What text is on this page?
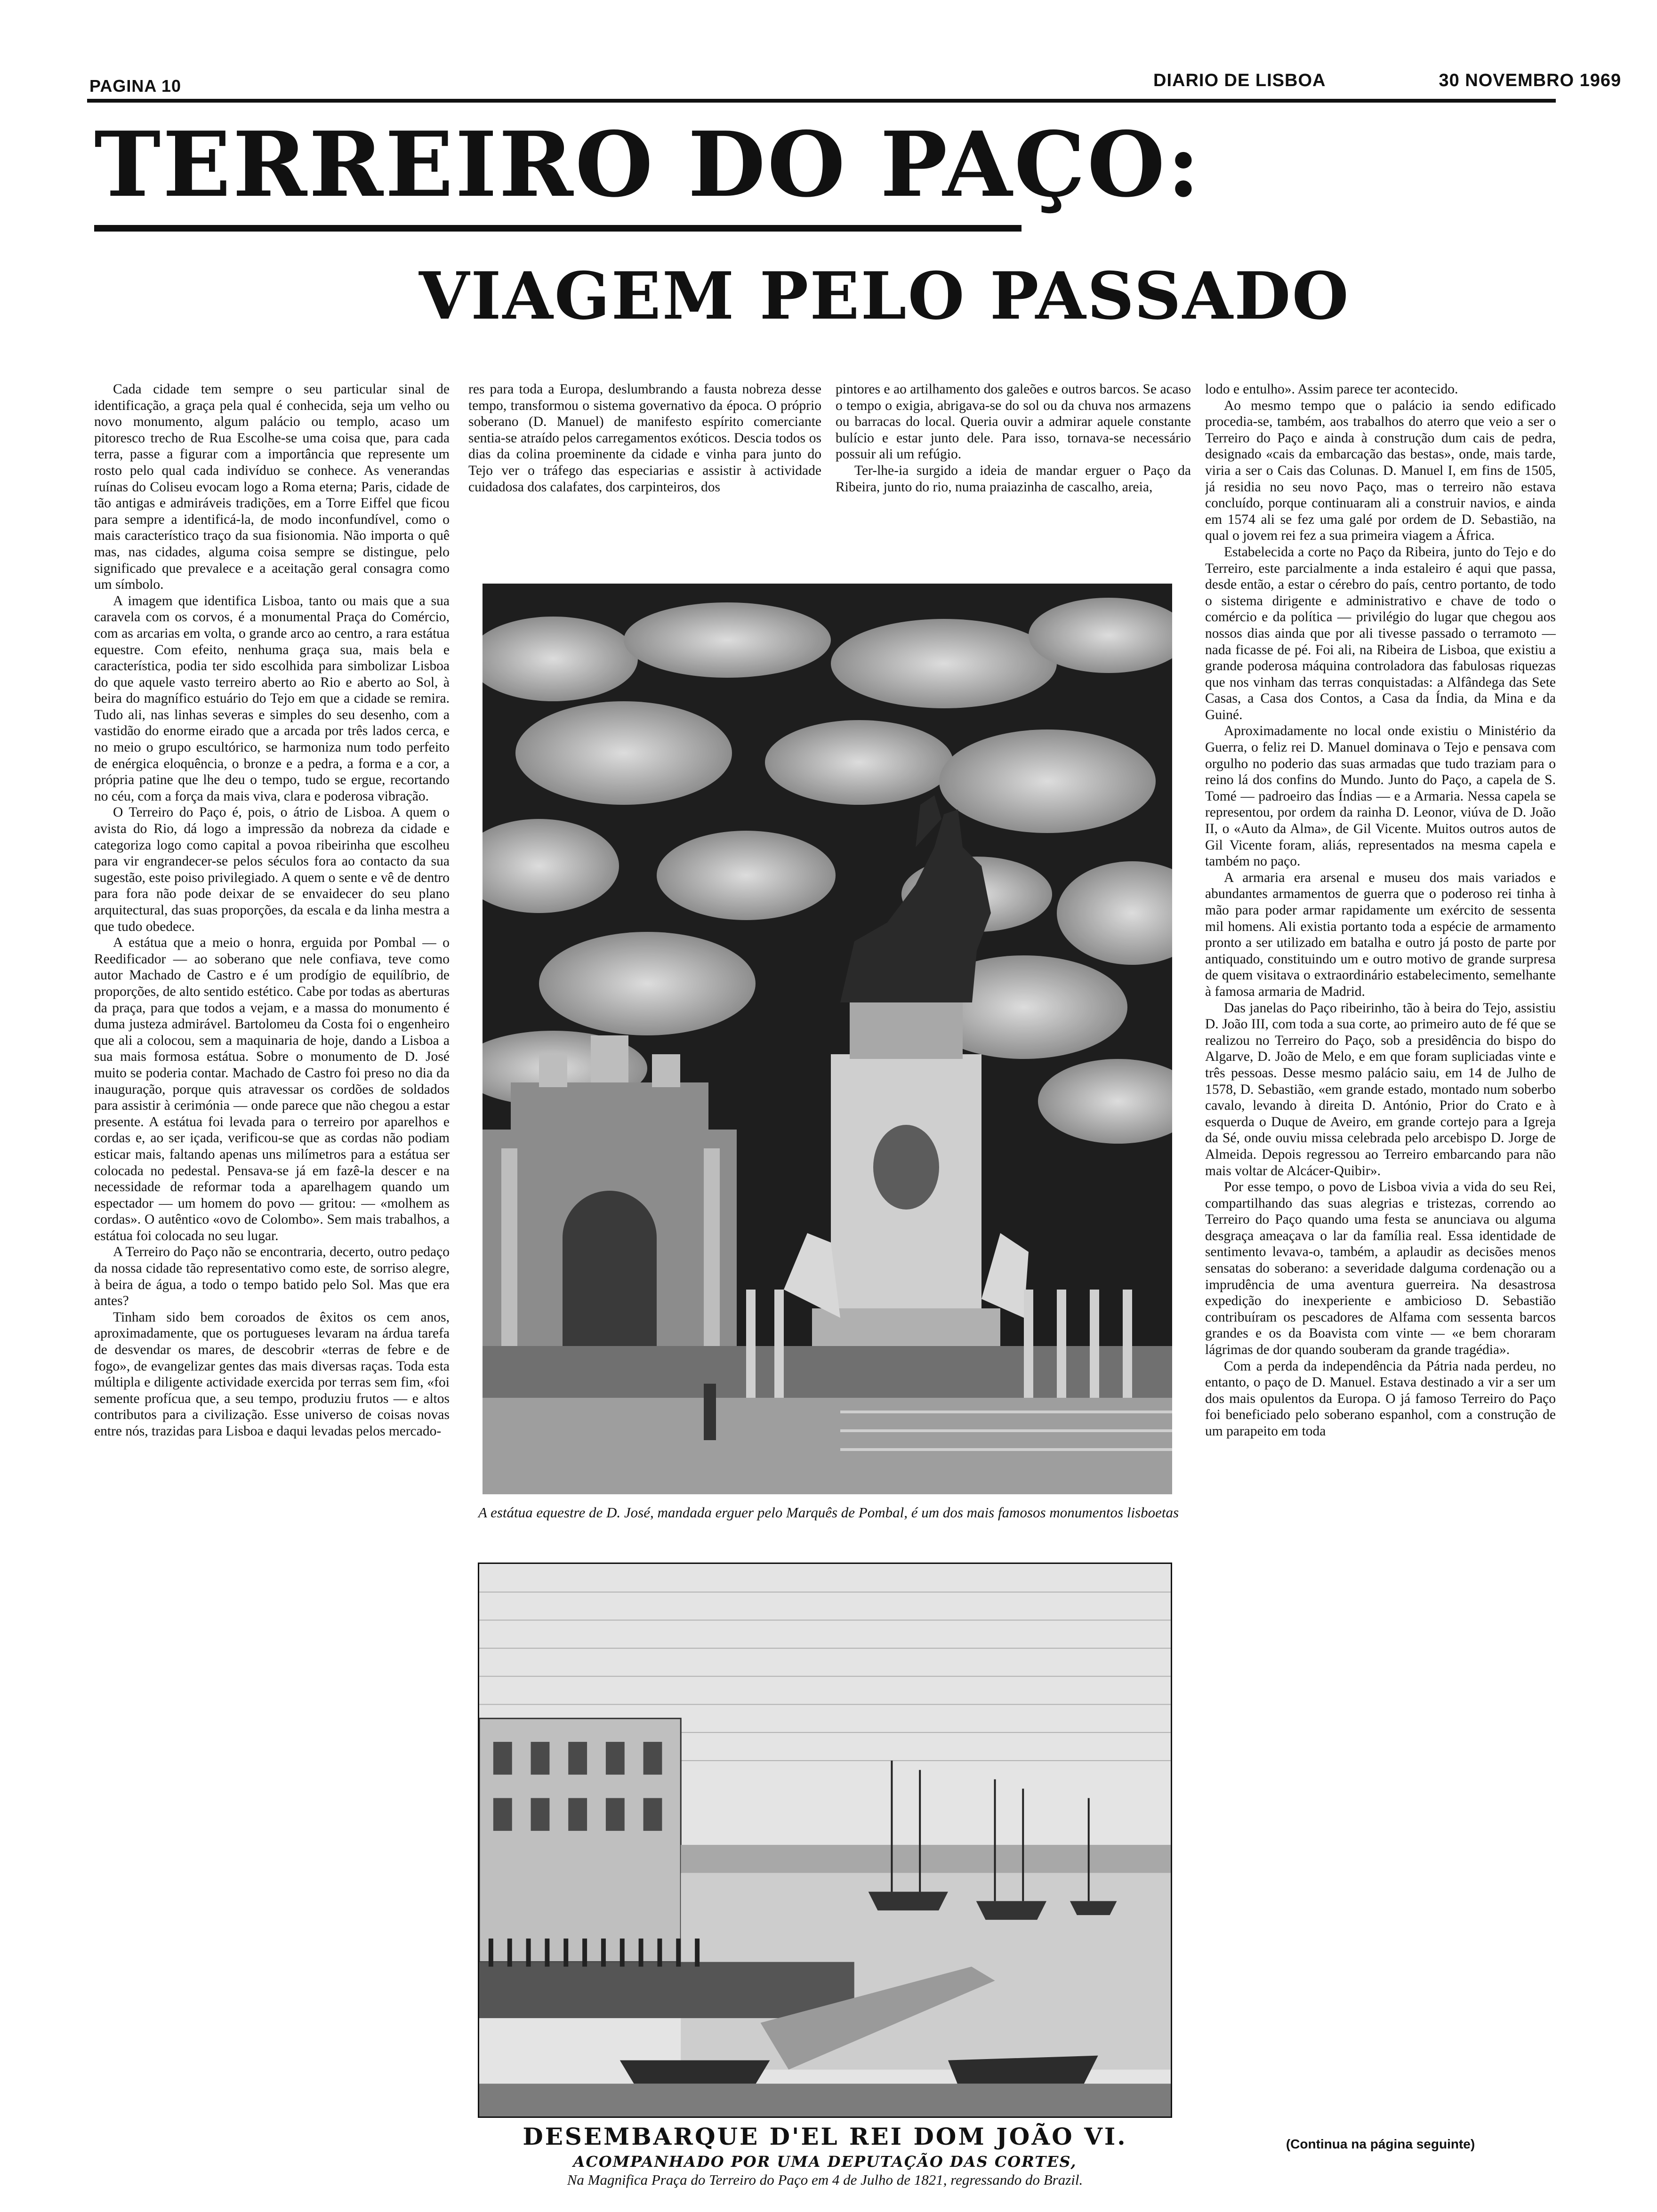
PAGINA 10	DIARIO DE LISBOA	30 NOVEMBRO 1969
TERREIRO DO PAÇO:
VIAGEM PELO PASSADO

Cada cidade tem sempre o seu particular sinal de identificação, a graça pela qual é conhecida, seja um velho ou novo monumento, algum palácio ou templo, acaso um pitoresco trecho de Rua Escolhe-se uma coisa que, para cada terra, passe a figurar com a importância que represente um rosto pelo qual cada indivíduo se conhece. As venerandas ruínas do Coliseu evocam logo a Roma eterna; Paris, cidade de tão antigas e admiráveis tradições, em a Torre Eiffel que ficou para sempre a identificá-la, de modo inconfundível, como o mais característico traço da sua fisionomia. Não importa o quê mas, nas cidades, alguma coisa sempre se distingue, pelo significado que prevalece e a aceitação geral consagra como um símbolo.

A imagem que identifica Lisboa, tanto ou mais que a sua caravela com os corvos, é a monumental Praça do Comércio, com as arcarias em volta, o grande arco ao centro, a rara estátua equestre. Com efeito, nenhuma graça sua, mais bela e característica, podia ter sido escolhida para simbolizar Lisboa do que aquele vasto terreiro aberto ao Rio e aberto ao Sol, à beira do magnífico estuário do Tejo em que a cidade se remira. Tudo ali, nas linhas severas e simples do seu desenho, com a vastidão do enorme eirado que a arcada por três lados cerca, e no meio o grupo escultórico, se harmoniza num todo perfeito de enérgica eloquência, o bronze e a pedra, a forma e a cor, a própria patine que lhe deu o tempo, tudo se ergue, recortando no céu, com a força da mais viva, clara e poderosa vibração.

O Terreiro do Paço é, pois, o átrio de Lisboa. A quem o avista do Rio, dá logo a impressão da nobreza da cidade e categoriza logo como capital a povoa ribeirinha que escolheu para vir engrandecer-se pelos séculos fora ao contacto da sua sugestão, este poiso privilegiado. A quem o sente e vê de dentro para fora não pode deixar de se envaidecer do seu plano arquitectural, das suas proporções, da escala e da linha mestra a que tudo obedece.

A estátua que a meio o honra, erguida por Pombal — o Reedificador — ao soberano que nele confiava, teve como autor Machado de Castro e é um prodígio de equilíbrio, de proporções, de alto sentido estético. Cabe por todas as aberturas da praça, para que todos a vejam, e a massa do monumento é duma justeza admirável. Bartolomeu da Costa foi o engenheiro que ali a colocou, sem a maquinaria de hoje, dando a Lisboa a sua mais formosa estátua. Sobre o monumento de D. José muito se poderia contar. Machado de Castro foi preso no dia da inauguração, porque quis atravessar os cordões de soldados para assistir à cerimónia — onde parece que não chegou a estar presente. A estátua foi levada para o terreiro por aparelhos e cordas e, ao ser içada, verificou-se que as cordas não podiam esticar mais, faltando apenas uns milímetros para a estátua ser colocada no pedestal. Pensava-se já em fazê-la descer e na necessidade de reformar toda a aparelhagem quando um espectador — um homem do povo — gritou: — «molhem as cordas». O autêntico «ovo de Colombo». Sem mais trabalhos, a estátua foi colocada no seu lugar.

A Terreiro do Paço não se encontraria, decerto, outro pedaço da nossa cidade tão representativo como este, de sorriso alegre, à beira de água, a todo o tempo batido pelo Sol. Mas que era antes?

Tinham sido bem coroados de êxitos os cem anos, aproximadamente, que os portugueses levaram na árdua tarefa de desvendar os mares, de descobrir «terras de febre e de fogo», de evangelizar gentes das mais diversas raças. Toda esta múltipla e diligente actividade exercida por terras sem fim, «foi semente profícua que, a seu tempo, produziu frutos — e altos contributos para a civilização. Esse universo de coisas novas entre nós, trazidas para Lisboa e daqui levadas pelos mercado-

res para toda a Europa, deslumbrando a fausta nobreza desse tempo, transformou o sistema governativo da época. O próprio soberano (D. Manuel) de manifesto espírito comerciante sentia-se atraído pelos carregamentos exóticos. Descia todos os dias da colina proeminente da cidade e vinha para junto do Tejo ver o tráfego das especiarias e assistir à actividade cuidadosa dos calafates, dos carpinteiros, dos

pintores e ao artilhamento dos galeões e outros barcos. Se acaso o tempo o exigia, abrigava-se do sol ou da chuva nos armazens ou barracas do local. Queria ouvir a admirar aquele constante bulício e estar junto dele. Para isso, tornava-se necessário possuir ali um refúgio.

Ter-lhe-ia surgido a ideia de mandar erguer o Paço da Ribeira, junto do rio, numa praiazinha de cascalho, areia,

lodo e entulho». Assim parece ter acontecido.

Ao mesmo tempo que o palácio ia sendo edificado procedia-se, também, aos trabalhos do aterro que veio a ser o Terreiro do Paço e ainda à construção dum cais de pedra, designado «cais da embarcação das bestas», onde, mais tarde, viria a ser o Cais das Colunas. D. Manuel I, em fins de 1505, já residia no seu novo Paço, mas o terreiro não estava concluído, porque continuaram ali a construir navios, e ainda em 1574 ali se fez uma galé por ordem de D. Sebastião, na qual o jovem rei fez a sua primeira viagem a África.

Estabelecida a corte no Paço da Ribeira, junto do Tejo e do Terreiro, este parcialmente a inda estaleiro é aqui que passa, desde então, a estar o cérebro do país, centro portanto, de todo o sistema dirigente e administrativo e chave de todo o comércio e da política — privilégio do lugar que chegou aos nossos dias ainda que por ali tivesse passado o terramoto — nada ficasse de pé. Foi ali, na Ribeira de Lisboa, que existiu a grande poderosa máquina controladora das fabulosas riquezas que nos vinham das terras conquistadas: a Alfândega das Sete Casas, a Casa dos Contos, a Casa da Índia, da Mina e da Guiné.

Aproximadamente no local onde existiu o Ministério da Guerra, o feliz rei D. Manuel dominava o Tejo e pensava com orgulho no poderio das suas armadas que tudo traziam para o reino lá dos confins do Mundo. Junto do Paço, a capela de S. Tomé — padroeiro das Índias — e a Armaria. Nessa capela se representou, por ordem da rainha D. Leonor, viúva de D. João II, o «Auto da Alma», de Gil Vicente. Muitos outros autos de Gil Vicente foram, aliás, representados na mesma capela e também no paço.

A armaria era arsenal e museu dos mais variados e abundantes armamentos de guerra que o poderoso rei tinha à mão para poder armar rapidamente um exército de sessenta mil homens. Ali existia portanto toda a espécie de armamento pronto a ser utilizado em batalha e outro já posto de parte por antiquado, constituindo um e outro motivo de grande surpresa de quem visitava o extraordinário estabelecimento, semelhante à famosa armaria de Madrid.

Das janelas do Paço ribeirinho, tão à beira do Tejo, assistiu D. João III, com toda a sua corte, ao primeiro auto de fé que se realizou no Terreiro do Paço, sob a presidência do bispo do Algarve, D. João de Melo, e em que foram supliciadas vinte e três pessoas. Desse mesmo palácio saiu, em 14 de Julho de 1578, D. Sebastião, «em grande estado, montado num soberbo cavalo, levando à direita D. António, Prior do Crato e à esquerda o Duque de Aveiro, em grande cortejo para a Igreja da Sé, onde ouviu missa celebrada pelo arcebispo D. Jorge de Almeida. Depois regressou ao Terreiro embarcando para não mais voltar de Alcácer-Quibir».

Por esse tempo, o povo de Lisboa vivia a vida do seu Rei, compartilhando das suas alegrias e tristezas, correndo ao Terreiro do Paço quando uma festa se anunciava ou alguma desgraça ameaçava o lar da família real. Essa identidade de sentimento levava-o, também, a aplaudir as decisões menos sensatas do soberano: a severidade dalguma cordenação ou a imprudência de uma aventura guerreira. Na desastrosa expedição do inexperiente e ambicioso D. Sebastião contribuíram os pescadores de Alfama com sessenta barcos grandes e os da Boavista com vinte — «e bem choraram lágrimas de dor quando souberam da grande tragédia».

Com a perda da independência da Pátria nada perdeu, no entanto, o paço de D. Manuel. Estava destinado a vir a ser um dos mais opulentos da Europa. O já famoso Terreiro do Paço foi beneficiado pelo soberano espanhol, com a construção de um parapeito em toda

A estátua equestre de D. José, mandada erguer pelo Marquês de Pombal, é um dos mais famosos monumentos lisboetas
DESEMBARQUE D'EL REI DOM JOÃO VI.
ACOMPANHADO POR UMA DEPUTAÇÃO DAS CORTES,
Na Magnifica Praça do Terreiro do Paço em 4 de Julho de 1821, regressando do Brazil.
(Continua na página seguinte)
